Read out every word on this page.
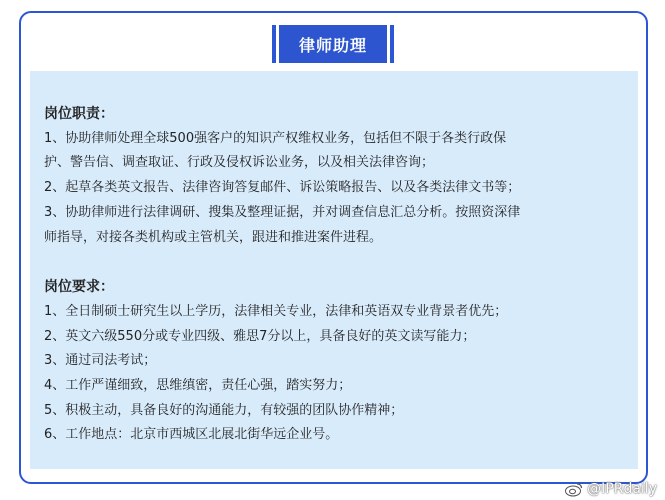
律师助理
岗位职责：
1、协助律师处理全球500强客户的知识产权维权业务，包括但不限于各类行政保
护、警告信、调查取证、行政及侵权诉讼业务，以及相关法律咨询；
2、起草各类英文报告、法律咨询答复邮件、诉讼策略报告、以及各类法律文书等；
3、协助律师进行法律调研、搜集及整理证据，并对调查信息汇总分析。按照资深律
师指导，对接各类机构或主管机关，跟进和推进案件进程。
岗位要求：
1、全日制硕士研究生以上学历，法律相关专业，法律和英语双专业背景者优先；
2、英文六级550分或专业四级、雅思7分以上，具备良好的英文读写能力；
3、通过司法考试；
4、工作严谨细致，思维缜密，责任心强，踏实努力；
5、积极主动，具备良好的沟通能力，有较强的团队协作精神；
6、工作地点：北京市西城区北展北街华远企业号。
@IPRdaily
